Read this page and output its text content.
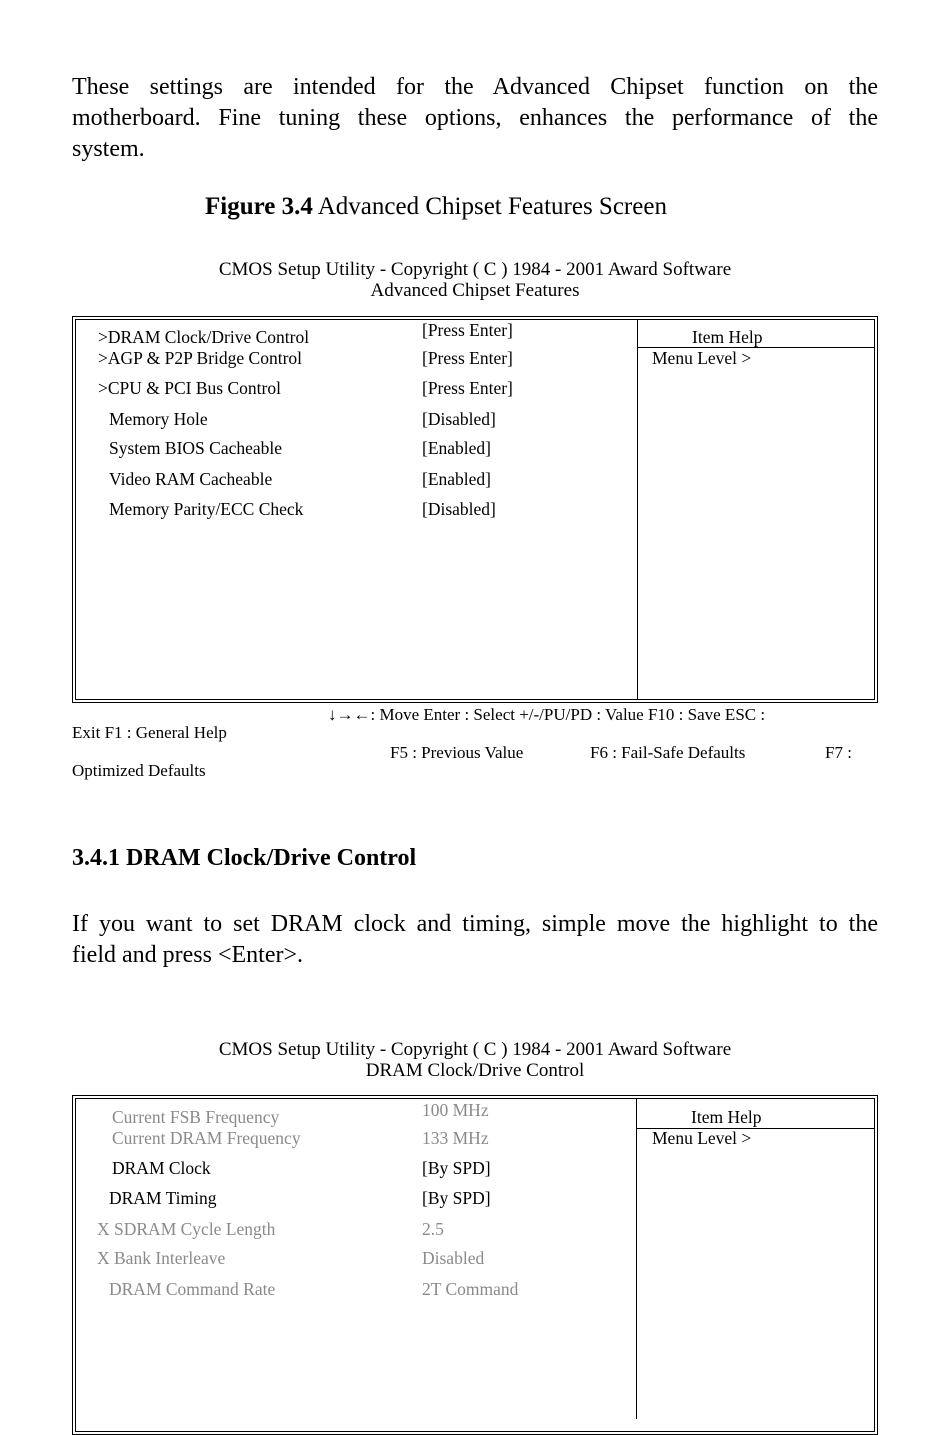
These settings are intended for the Advanced Chipset function on the
motherboard. Fine tuning these options, enhances the performance of the
system.
Figure 3.4 Advanced Chipset Features Screen
CMOS Setup Utility - Copyright ( C ) 1984 - 2001 Award Software
Advanced Chipset Features
Item Help
Menu Level >
>DRAM Clock/Drive Control	[Press Enter]
>AGP & P2P Bridge Control	[Press Enter]
>CPU & PCI Bus Control	[Press Enter]
Memory Hole	[Disabled]
System BIOS Cacheable	[Enabled]
Video RAM Cacheable	[Enabled]
Memory Parity/ECC Check	[Disabled]
↓→←: Move Enter : Select +/-/PU/PD : Value F10 : Save ESC :
Exit F1 : General Help
F5 : Previous Value	F6 : Fail-Safe Defaults	F7 :
Optimized Defaults
3.4.1 DRAM Clock/Drive Control
If you want to set DRAM clock and timing, simple move the highlight to the
field and press <Enter>.
CMOS Setup Utility - Copyright ( C ) 1984 - 2001 Award Software
DRAM Clock/Drive Control
Item Help
Menu Level >
Current FSB Frequency	100 MHz
Current DRAM Frequency	133 MHz
DRAM Clock	[By SPD]
DRAM Timing	[By SPD]
X SDRAM Cycle Length	2.5
X Bank Interleave	Disabled
DRAM Command Rate	2T Command
